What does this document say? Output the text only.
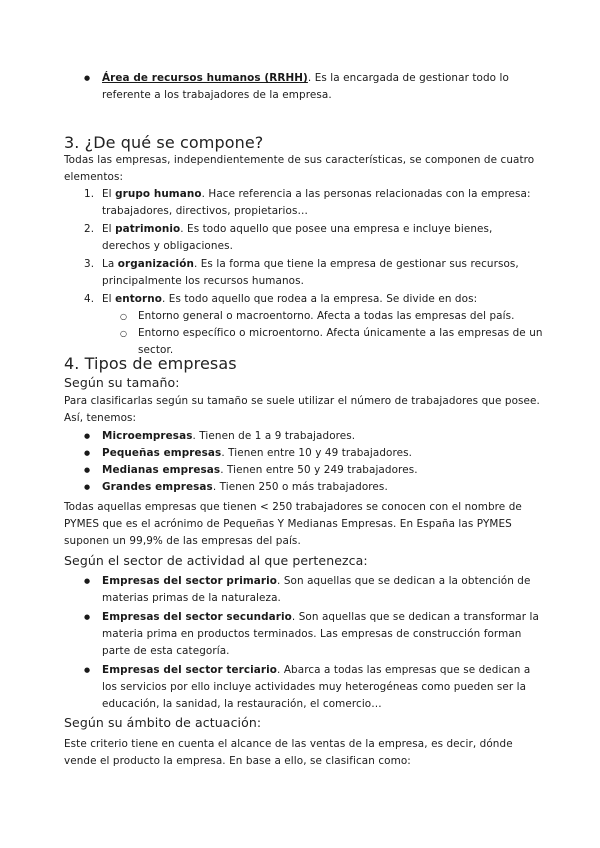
● Área de recursos humanos (RRHH). Es la encargada de gestionar todo lo referente a los trabajadores de la empresa.
3. ¿De qué se compone?

Todas las empresas, independientemente de sus características, se componen de cuatro elementos:

1. El grupo humano. Hace referencia a las personas relacionadas con la empresa: trabajadores, directivos, propietarios…
2. El patrimonio. Es todo aquello que posee una empresa e incluye bienes, derechos y obligaciones.
3. La organización. Es la forma que tiene la empresa de gestionar sus recursos, principalmente los recursos humanos.
4. El entorno. Es todo aquello que rodea a la empresa. Se divide en dos:
○ Entorno general o macroentorno. Afecta a todas las empresas del país.
○ Entorno específico o microentorno. Afecta únicamente a las empresas de un sector.
4. Tipos de empresas
Según su tamaño:

Para clasificarlas según su tamaño se suele utilizar el número de trabajadores que posee. Así, tenemos:

● Microempresas. Tienen de 1 a 9 trabajadores.
● Pequeñas empresas. Tienen entre 10 y 49 trabajadores.
● Medianas empresas. Tienen entre 50 y 249 trabajadores.
● Grandes empresas. Tienen 250 o más trabajadores.

Todas aquellas empresas que tienen < 250 trabajadores se conocen con el nombre de PYMES que es el acrónimo de Pequeñas Y Medianas Empresas. En España las PYMES suponen un 99,9% de las empresas del país.

Según el sector de actividad al que pertenezca:
● Empresas del sector primario. Son aquellas que se dedican a la obtención de materias primas de la naturaleza.
● Empresas del sector secundario. Son aquellas que se dedican a transformar la materia prima en productos terminados. Las empresas de construcción forman parte de esta categoría.
● Empresas del sector terciario. Abarca a todas las empresas que se dedican a los servicios por ello incluye actividades muy heterogéneas como pueden ser la educación, la sanidad, la restauración, el comercio…
Según su ámbito de actuación:

Este criterio tiene en cuenta el alcance de las ventas de la empresa, es decir, dónde vende el producto la empresa. En base a ello, se clasifican como:
